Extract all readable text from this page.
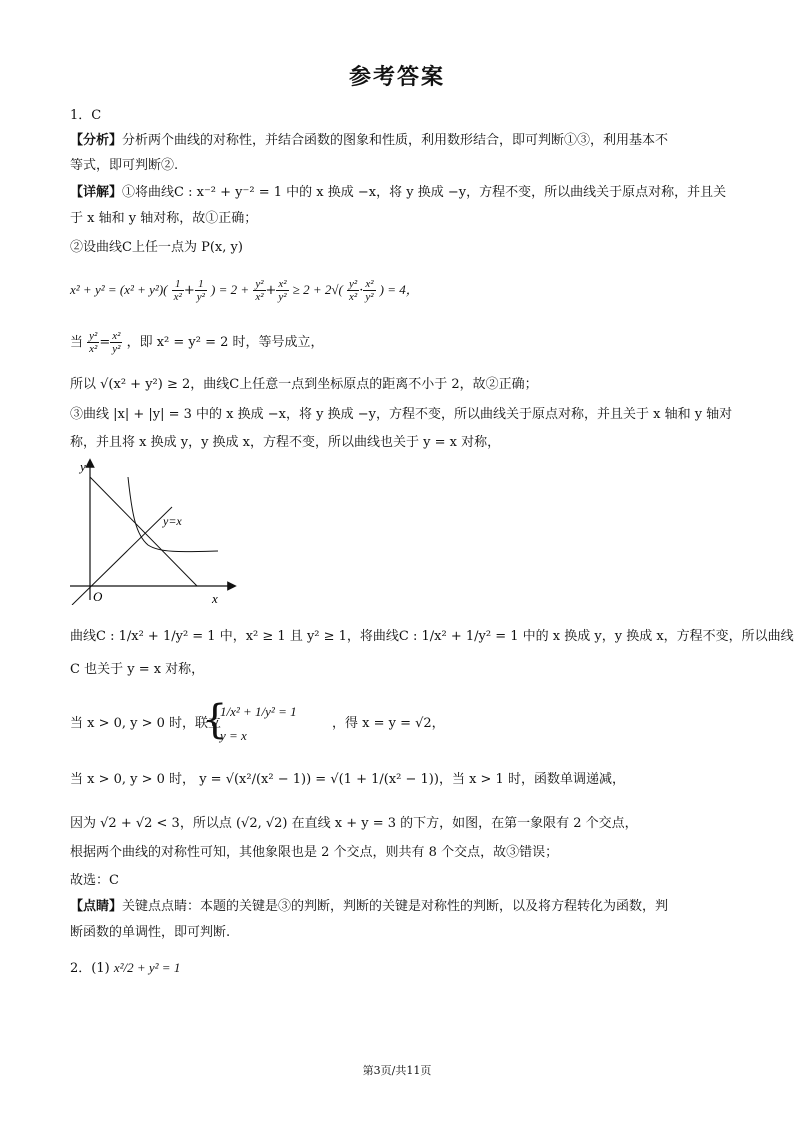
参考答案
1．C
【分析】分析两个曲线的对称性，并结合函数的图象和性质，利用数形结合，即可判断①③，利用基本不
等式，即可判断②.
【详解】①将曲线C : x⁻² + y⁻² = 1 中的 x 换成 −x，将 y 换成 −y，方程不变，所以曲线关于原点对称，并且关
于 x 轴和 y 轴对称，故①正确；
②设曲线C上任一点为 P(x, y)
$x^2 + y^2 = (x^2 + y^2)( \frac{1}{\text{x²}} + \frac{1}{\text{y²}}$ ) = $2 + \frac{\text{y²}}{\text{x²}} + \frac{\text{x²}}{\text{y²}} \ge 2 + 2√( \frac{\text{y²}}{\text{x²}} \cdot \frac{\text{x²}}{\text{y²}}$ ) = 4，
当 $\frac{\text{y²}}{\text{x²}} = \frac{\text{x²}}{\text{y²}}$ ，即 x² = y² = 2 时，等号成立，
所以 √(x² + y²) ≥ 2，曲线C上任意一点到坐标原点的距离不小于 2，故②正确；
③曲线 |x| + |y| = 3 中的 x 换成 −x，将 y 换成 −y，方程不变，所以曲线关于原点对称，并且关于 x 轴和 y 轴对
称，并且将 x 换成 y，y 换成 x，方程不变，所以曲线也关于 y = x 对称，
y
x
O
y=x
曲线C : 1/x² + 1/y² = 1 中，x² ≥ 1 且 y² ≥ 1，将曲线C : 1/x² + 1/y² = 1 中的 x 换成 y，y 换成 x，方程不变，所以曲线
C 也关于 y = x 对称，
当 x > 0, y > 0 时，联立
{
1/x² + 1/y² = 1
y = x
，得 x = y = √2，
当 x > 0, y > 0 时， y = √(x²/(x² − 1)) = √(1 + 1/(x² − 1))，当 x > 1 时，函数单调递减，
因为 √2 + √2 < 3，所以点 (√2, √2) 在直线 x + y = 3 的下方，如图，在第一象限有 2 个交点，
根据两个曲线的对称性可知，其他象限也是 2 个交点，则共有 8 个交点，故③错误；
故选：C
【点睛】关键点点睛：本题的关键是③的判断，判断的关键是对称性的判断，以及将方程转化为函数，判
断函数的单调性，即可判断.
2．(1) x²/2 + y² = 1
第3页/共11页
